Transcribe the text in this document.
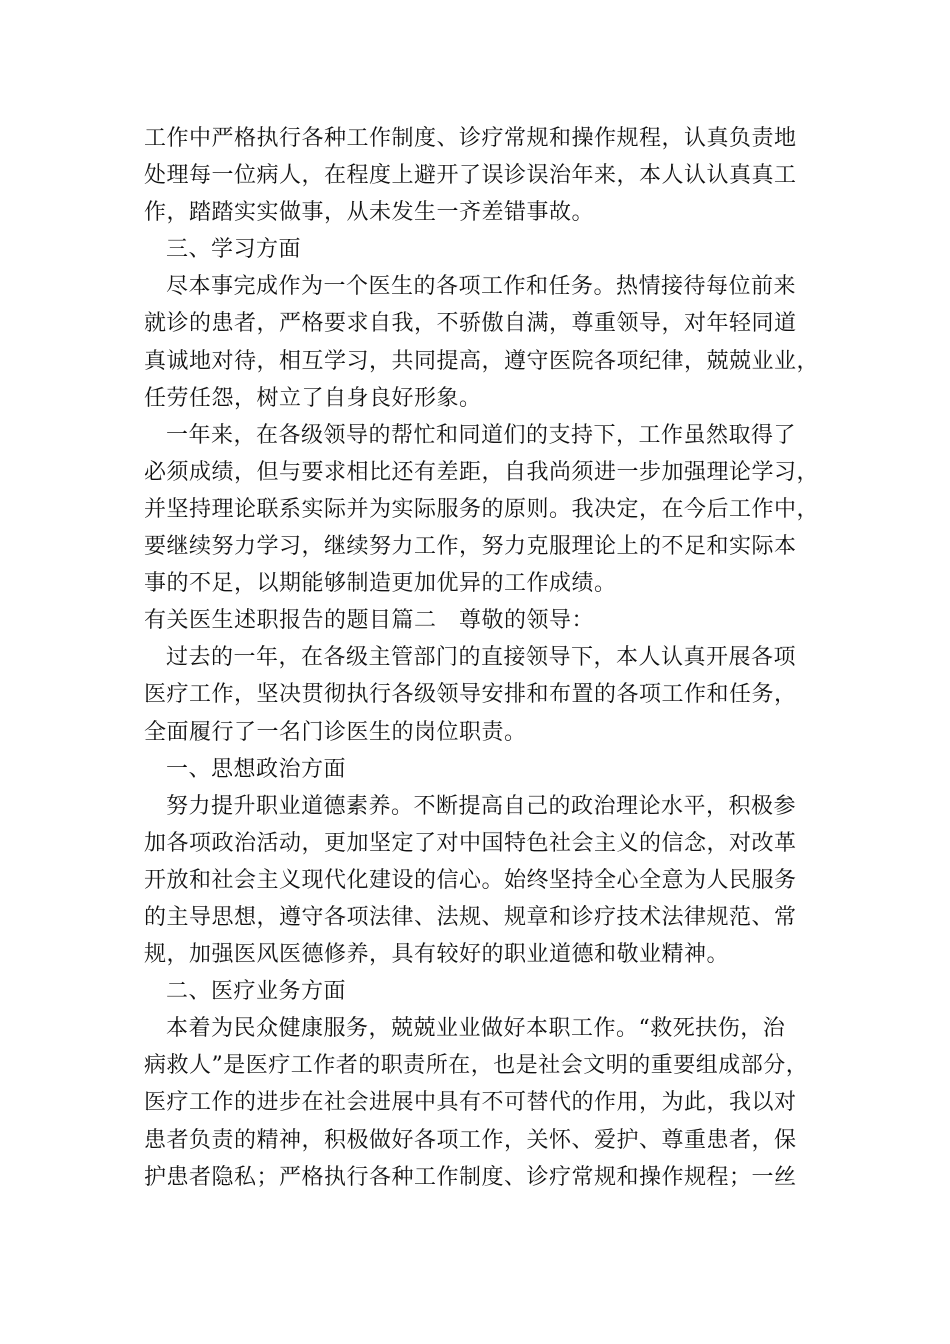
工作中严格执行各种工作制度、诊疗常规和操作规程，认真负责地
处理每一位病人，在程度上避开了误诊误治年来，本人认认真真工
作，踏踏实实做事，从未发生一齐差错事故。
三、学习方面
尽本事完成作为一个医生的各项工作和任务。热情接待每位前来
就诊的患者，严格要求自我，不骄傲自满，尊重领导，对年轻同道
真诚地对待，相互学习，共同提高，遵守医院各项纪律，兢兢业业，
任劳任怨，树立了自身良好形象。
一年来，在各级领导的帮忙和同道们的支持下，工作虽然取得了
必须成绩，但与要求相比还有差距，自我尚须进一步加强理论学习，
并坚持理论联系实际并为实际服务的原则。我决定，在今后工作中，
要继续努力学习，继续努力工作，努力克服理论上的不足和实际本
事的不足，以期能够制造更加优异的工作成绩。
有关医生述职报告的题目篇二　尊敬的领导：
过去的一年，在各级主管部门的直接领导下，本人认真开展各项
医疗工作，坚决贯彻执行各级领导安排和布置的各项工作和任务，
全面履行了一名门诊医生的岗位职责。
一、思想政治方面
努力提升职业道德素养。不断提高自己的政治理论水平，积极参
加各项政治活动，更加坚定了对中国特色社会主义的信念，对改革
开放和社会主义现代化建设的信心。始终坚持全心全意为人民服务
的主导思想，遵守各项法律、法规、规章和诊疗技术法律规范、常
规，加强医风医德修养，具有较好的职业道德和敬业精神。
二、医疗业务方面
本着为民众健康服务，兢兢业业做好本职工作。“救死扶伤，治
病救人”是医疗工作者的职责所在，也是社会文明的重要组成部分，
医疗工作的进步在社会进展中具有不可替代的作用，为此，我以对
患者负责的精神，积极做好各项工作，关怀、爱护、尊重患者，保
护患者隐私；严格执行各种工作制度、诊疗常规和操作规程；一丝
